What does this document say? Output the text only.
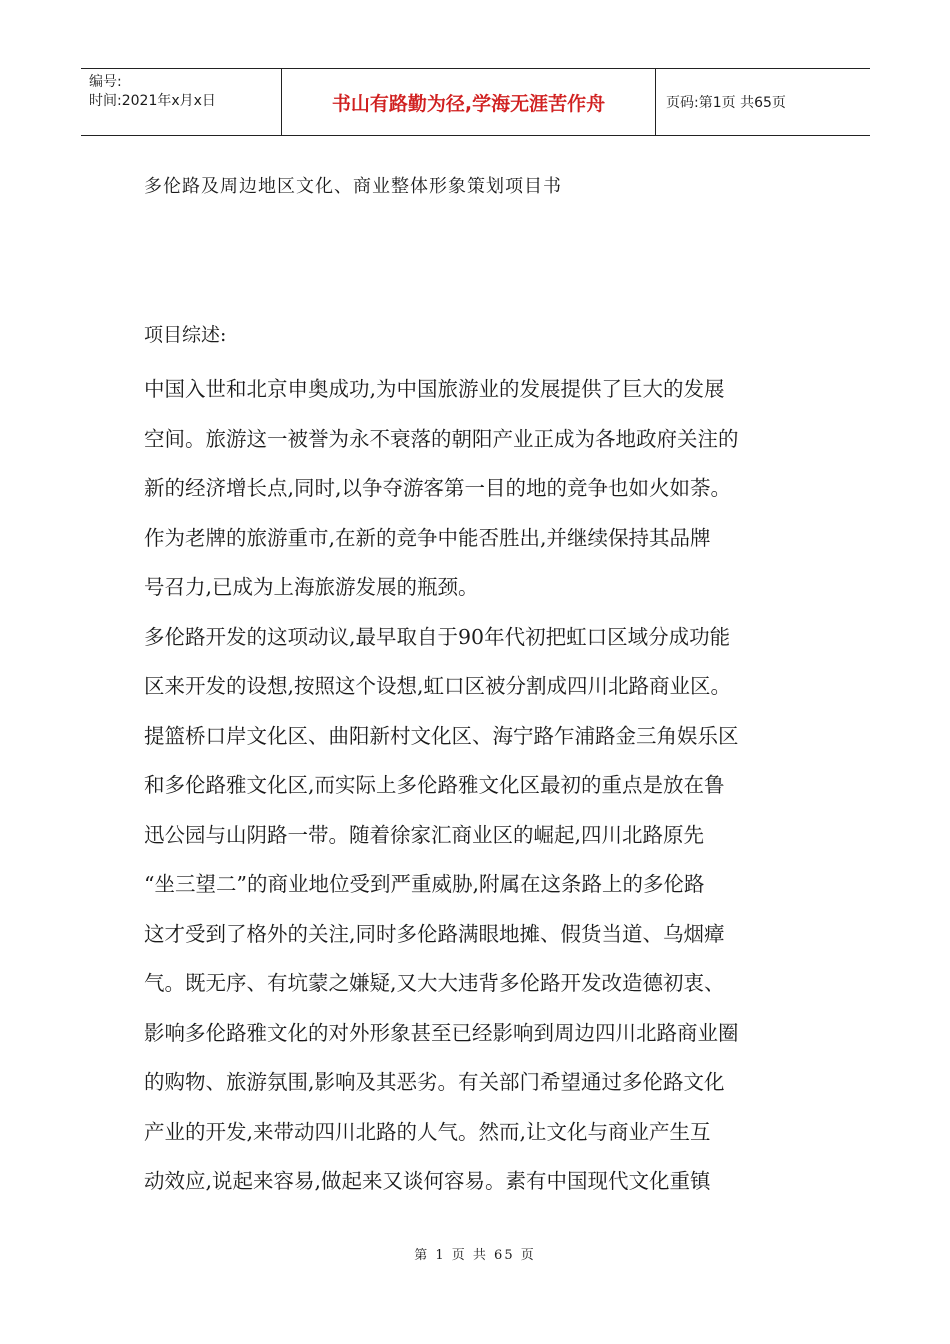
编号:
时间:2021年x月x日	书山有路勤为径,学海无涯苦作舟	页码:第1页 共65页
多伦路及周边地区文化、商业整体形象策划项目书
项目综述:
中国入世和北京申奥成功,为中国旅游业的发展提供了巨大的发展
空间。旅游这一被誉为永不衰落的朝阳产业正成为各地政府关注的
新的经济增长点,同时,以争夺游客第一目的地的竞争也如火如荼。
作为老牌的旅游重市,在新的竞争中能否胜出,并继续保持其品牌
号召力,已成为上海旅游发展的瓶颈。
多伦路开发的这项动议,最早取自于90年代初把虹口区域分成功能
区来开发的设想,按照这个设想,虹口区被分割成四川北路商业区。
提篮桥口岸文化区、曲阳新村文化区、海宁路乍浦路金三角娱乐区
和多伦路雅文化区,而实际上多伦路雅文化区最初的重点是放在鲁
迅公园与山阴路一带。随着徐家汇商业区的崛起,四川北路原先
“坐三望二”的商业地位受到严重威胁,附属在这条路上的多伦路
这才受到了格外的关注,同时多伦路满眼地摊、假货当道、乌烟瘴
气。既无序、有坑蒙之嫌疑,又大大违背多伦路开发改造德初衷、
影响多伦路雅文化的对外形象甚至已经影响到周边四川北路商业圈
的购物、旅游氛围,影响及其恶劣。有关部门希望通过多伦路文化
产业的开发,来带动四川北路的人气。然而,让文化与商业产生互
动效应,说起来容易,做起来又谈何容易。素有中国现代文化重镇
第 1 页 共 65 页
